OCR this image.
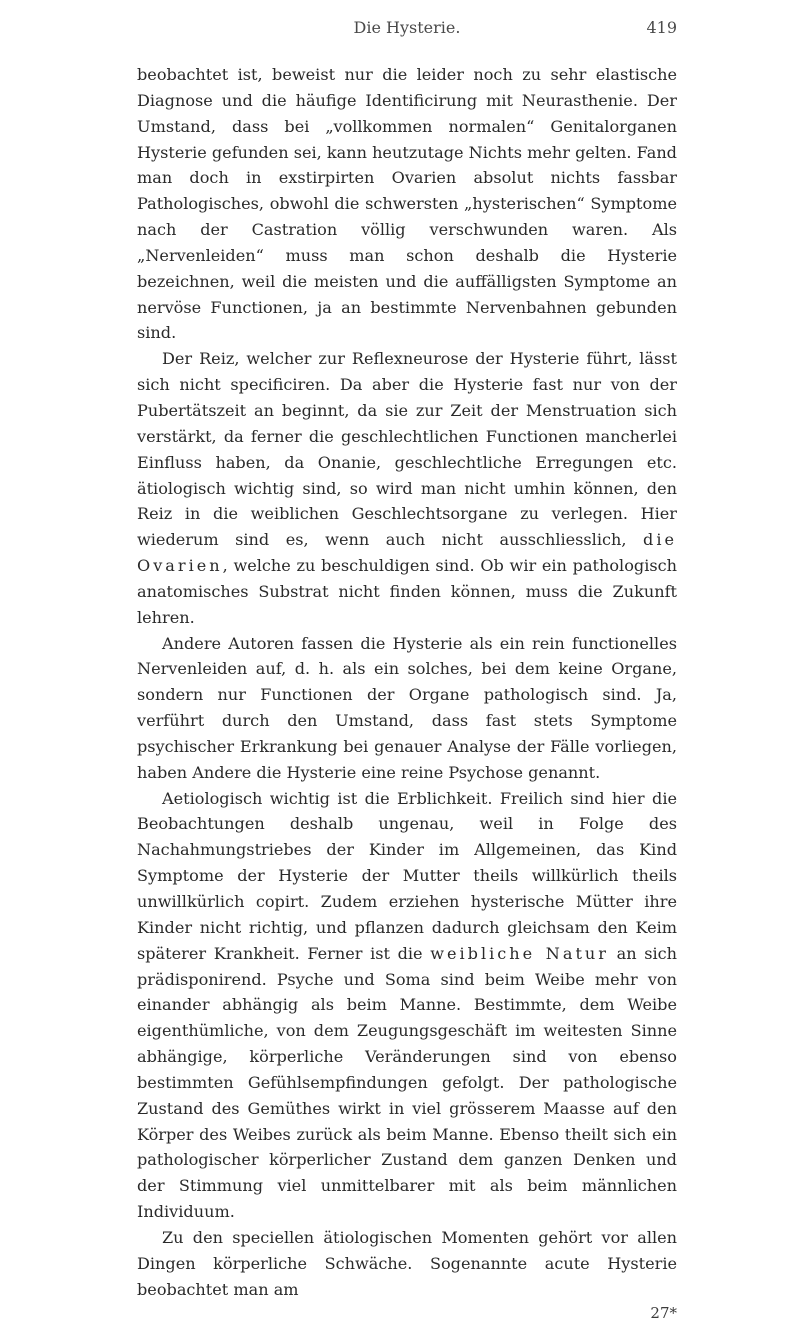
Die Hysterie.	419

beobachtet ist, beweist nur die leider noch zu sehr elastische Diagnose und die häufige Identificirung mit Neurasthenie. Der Umstand, dass bei „vollkommen normalen“ Genitalorganen Hysterie gefunden sei, kann heutzutage Nichts mehr gelten. Fand man doch in exstirpirten Ovarien absolut nichts fassbar Pathologisches, obwohl die schwersten „hysterischen“ Symptome nach der Castration völlig verschwunden waren. Als „Nervenleiden“ muss man schon deshalb die Hysterie bezeichnen, weil die meisten und die auffälligsten Symptome an nervöse Functionen, ja an bestimmte Nervenbahnen gebunden sind.

Der Reiz, welcher zur Reflexneurose der Hysterie führt, lässt sich nicht specificiren. Da aber die Hysterie fast nur von der Pubertätszeit an beginnt, da sie zur Zeit der Menstruation sich verstärkt, da ferner die geschlechtlichen Functionen mancherlei Einfluss haben, da Onanie, geschlechtliche Erregungen etc. ätiologisch wichtig sind, so wird man nicht umhin können, den Reiz in die weiblichen Geschlechtsorgane zu verlegen. Hier wiederum sind es, wenn auch nicht ausschliesslich, die Ovarien, welche zu beschuldigen sind. Ob wir ein pathologisch anatomisches Substrat nicht finden können, muss die Zukunft lehren.

Andere Autoren fassen die Hysterie als ein rein functionelles Nervenleiden auf, d. h. als ein solches, bei dem keine Organe, sondern nur Functionen der Organe pathologisch sind. Ja, verführt durch den Umstand, dass fast stets Symptome psychischer Erkrankung bei genauer Analyse der Fälle vorliegen, haben Andere die Hysterie eine reine Psychose genannt.

Aetiologisch wichtig ist die Erblichkeit. Freilich sind hier die Beobachtungen deshalb ungenau, weil in Folge des Nachahmungstriebes der Kinder im Allgemeinen, das Kind Symptome der Hysterie der Mutter theils willkürlich theils unwillkürlich copirt. Zudem erziehen hysterische Mütter ihre Kinder nicht richtig, und pflanzen dadurch gleichsam den Keim späterer Krankheit. Ferner ist die weibliche Natur an sich prädisponirend. Psyche und Soma sind beim Weibe mehr von einander abhängig als beim Manne. Bestimmte, dem Weibe eigenthümliche, von dem Zeugungsgeschäft im weitesten Sinne abhängige, körperliche Veränderungen sind von ebenso bestimmten Gefühlsempfindungen gefolgt. Der pathologische Zustand des Gemüthes wirkt in viel grösserem Maasse auf den Körper des Weibes zurück als beim Manne. Ebenso theilt sich ein pathologischer körperlicher Zustand dem ganzen Denken und der Stimmung viel unmittelbarer mit als beim männlichen Individuum.

Zu den speciellen ätiologischen Momenten gehört vor allen Dingen körperliche Schwäche. Sogenannte acute Hysterie beobachtet man am

27*
